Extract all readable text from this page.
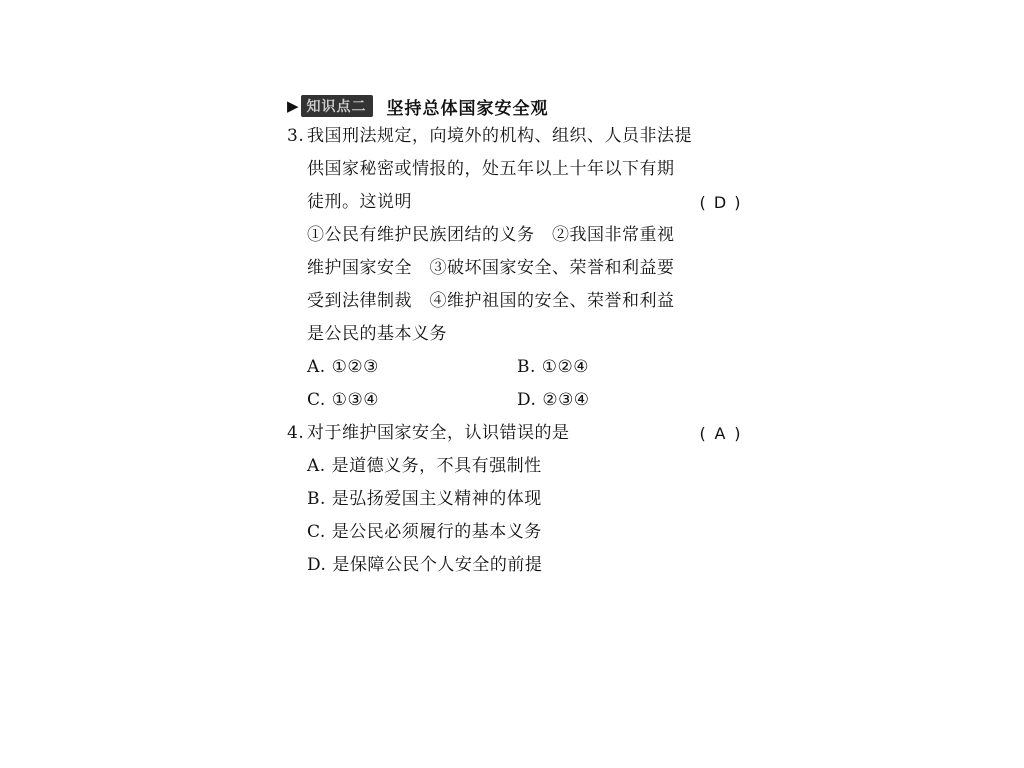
▶ 知识点二	坚持总体国家安全观
3. 我国刑法规定，向境外的机构、组织、人员非法提
供国家秘密或情报的，处五年以上十年以下有期
徒刑。这说明	( D )
①公民有维护民族团结的义务　②我国非常重视
维护国家安全　③破坏国家安全、荣誉和利益要
受到法律制裁　④维护祖国的安全、荣誉和利益
是公民的基本义务
A. ①②③	B. ①②④
C. ①③④	D. ②③④
4. 对于维护国家安全，认识错误的是	( A )
A. 是道德义务，不具有强制性
B. 是弘扬爱国主义精神的体现
C. 是公民必须履行的基本义务
D. 是保障公民个人安全的前提
